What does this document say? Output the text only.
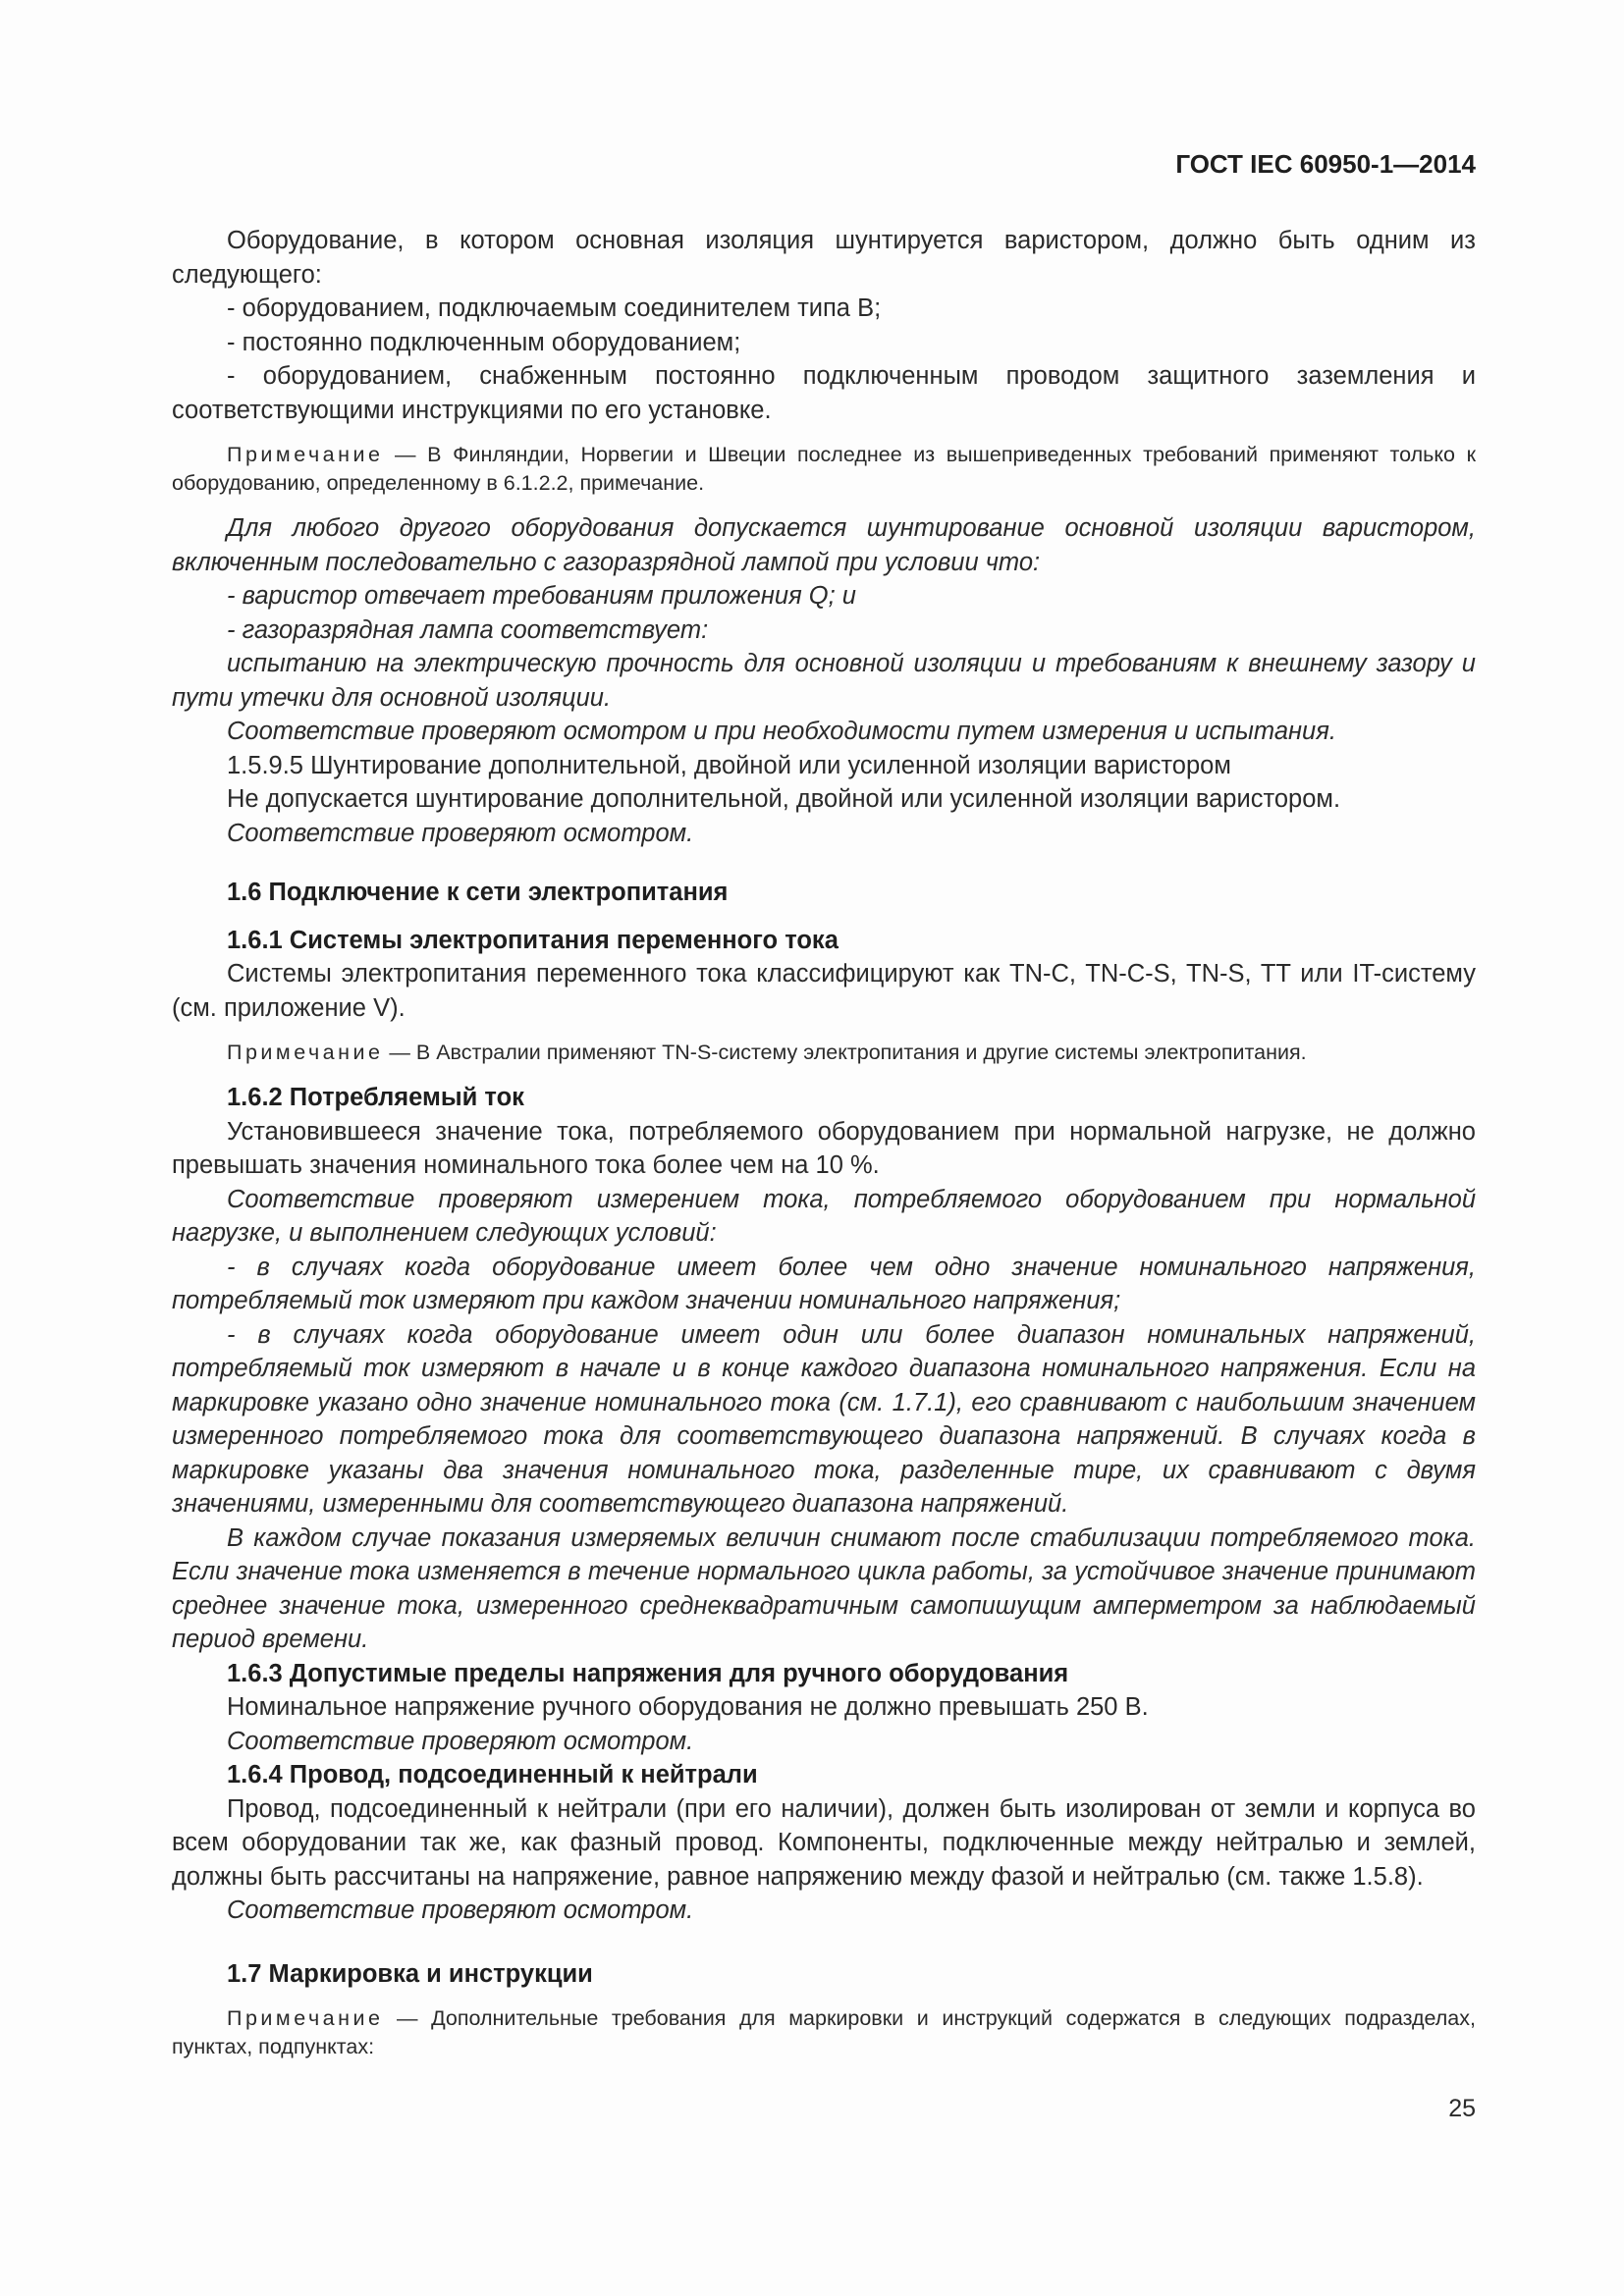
ГОСТ IEC 60950-1—2014

Оборудование, в котором основная изоляция шунтируется варистором, должно быть одним из следующего:

- оборудованием, подключаемым соединителем типа В;

- постоянно подключенным оборудованием;

- оборудованием, снабженным постоянно подключенным проводом защитного заземления и соответствующими инструкциями по его установке.

Примечание — В Финляндии, Норвегии и Швеции последнее из вышеприведенных требований применяют только к оборудованию, определенному в 6.1.2.2, примечание.

Для любого другого оборудования допускается шунтирование основной изоляции варистором, включенным последовательно с газоразрядной лампой при условии что:

- варистор отвечает требованиям приложения Q; и

- газоразрядная лампа соответствует:

испытанию на электрическую прочность для основной изоляции и требованиям к внешнему зазору и пути утечки для основной изоляции.

Соответствие проверяют осмотром и при необходимости путем измерения и испытания.

1.5.9.5 Шунтирование дополнительной, двойной или усиленной изоляции варистором

Не допускается шунтирование дополнительной, двойной или усиленной изоляции варистором.

Соответствие проверяют осмотром.

1.6 Подключение к сети электропитания

1.6.1 Системы электропитания переменного тока

Системы электропитания переменного тока классифицируют как TN-C, TN-C-S, TN-S, TT или IT-систему (см. приложение V).

Примечание — В Австралии применяют TN-S-систему электропитания и другие системы электропитания.

1.6.2 Потребляемый ток

Установившееся значение тока, потребляемого оборудованием при нормальной нагрузке, не должно превышать значения номинального тока более чем на 10 %.

Соответствие проверяют измерением тока, потребляемого оборудованием при нормальной нагрузке, и выполнением следующих условий:

- в случаях когда оборудование имеет более чем одно значение номинального напряжения, потребляемый ток измеряют при каждом значении номинального напряжения;

- в случаях когда оборудование имеет один или более диапазон номинальных напряжений, потребляемый ток измеряют в начале и в конце каждого диапазона номинального напряжения. Если на маркировке указано одно значение номинального тока (см. 1.7.1), его сравнивают с наибольшим значением измеренного потребляемого тока для соответствующего диапазона напряжений. В случаях когда в маркировке указаны два значения номинального тока, разделенные тире, их сравнивают с двумя значениями, измеренными для соответствующего диапазона напряжений.

В каждом случае показания измеряемых величин снимают после стабилизации потребляемого тока. Если значение тока изменяется в течение нормального цикла работы, за устойчивое значение принимают среднее значение тока, измеренного среднеквадратичным самопишущим амперметром за наблюдаемый период времени.

1.6.3 Допустимые пределы напряжения для ручного оборудования

Номинальное напряжение ручного оборудования не должно превышать 250 В.

Соответствие проверяют осмотром.

1.6.4 Провод, подсоединенный к нейтрали

Провод, подсоединенный к нейтрали (при его наличии), должен быть изолирован от земли и корпуса во всем оборудовании так же, как фазный провод. Компоненты, подключенные между нейтралью и землей, должны быть рассчитаны на напряжение, равное напряжению между фазой и нейтралью (см. также 1.5.8).

Соответствие проверяют осмотром.

1.7 Маркировка и инструкции

Примечание — Дополнительные требования для маркировки и инструкций содержатся в следующих подразделах, пунктах, подпунктах:

25
